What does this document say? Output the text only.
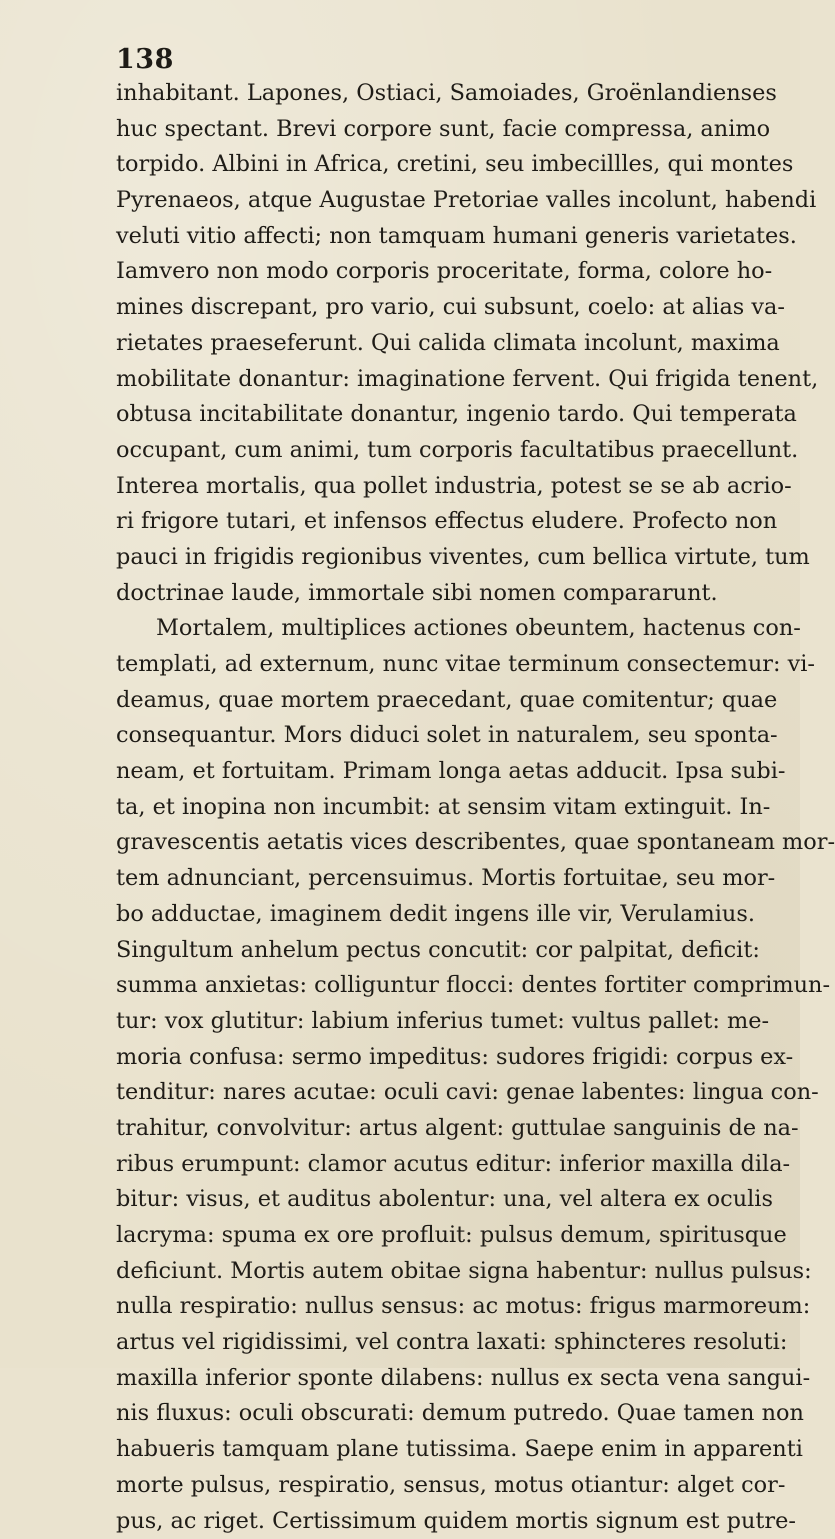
138
inhabitant. Lapones, Ostiaci, Samoiades, Groënlandienses
huc spectant. Brevi corpore sunt, facie compressa, animo
torpido. Albini in Africa, cretini, seu imbecillles, qui montes
Pyrenaeos, atque Augustae Pretoriae valles incolunt, habendi
veluti vitio affecti; non tamquam humani generis varietates.
Iamvero non modo corporis proceritate, forma, colore ho-
mines discrepant, pro vario, cui subsunt, coelo: at alias va-
rietates praeseferunt. Qui calida climata incolunt, maxima
mobilitate donantur: imaginatione fervent. Qui frigida tenent,
obtusa incitabilitate donantur, ingenio tardo. Qui temperata
occupant, cum animi, tum corporis facultatibus praecellunt.
Interea mortalis, qua pollet industria, potest se se ab acrio-
ri frigore tutari, et infensos effectus eludere. Profecto non
pauci in frigidis regionibus viventes, cum bellica virtute, tum
doctrinae laude, immortale sibi nomen compararunt.
Mortalem, multiplices actiones obeuntem, hactenus con-
templati, ad externum, nunc vitae terminum consectemur: vi-
deamus, quae mortem praecedant, quae comitentur; quae
consequantur. Mors diduci solet in naturalem, seu sponta-
neam, et fortuitam. Primam longa aetas adducit. Ipsa subi-
ta, et inopina non incumbit: at sensim vitam extinguit. In-
gravescentis aetatis vices describentes, quae spontaneam mor-
tem adnunciant, percensuimus. Mortis fortuitae, seu mor-
bo adductae, imaginem dedit ingens ille vir, Verulamius.
Singultum anhelum pectus concutit: cor palpitat, deficit:
summa anxietas: colliguntur flocci: dentes fortiter comprimun-
tur: vox glutitur: labium inferius tumet: vultus pallet: me-
moria confusa: sermo impeditus: sudores frigidi: corpus ex-
tenditur: nares acutae: oculi cavi: genae labentes: lingua con-
trahitur, convolvitur: artus algent: guttulae sanguinis de na-
ribus erumpunt: clamor acutus editur: inferior maxilla dila-
bitur: visus, et auditus abolentur: una, vel altera ex oculis
lacryma: spuma ex ore profluit: pulsus demum, spiritusque
deficiunt. Mortis autem obitae signa habentur: nullus pulsus:
nulla respiratio: nullus sensus: ac motus: frigus marmoreum:
artus vel rigidissimi, vel contra laxati: sphincteres resoluti:
maxilla inferior sponte dilabens: nullus ex secta vena sangui-
nis fluxus: oculi obscurati: demum putredo. Quae tamen non
habueris tamquam plane tutissima. Saepe enim in apparenti
morte pulsus, respiratio, sensus, motus otiantur: alget cor-
pus, ac riget. Certissimum quidem mortis signum est putre-
